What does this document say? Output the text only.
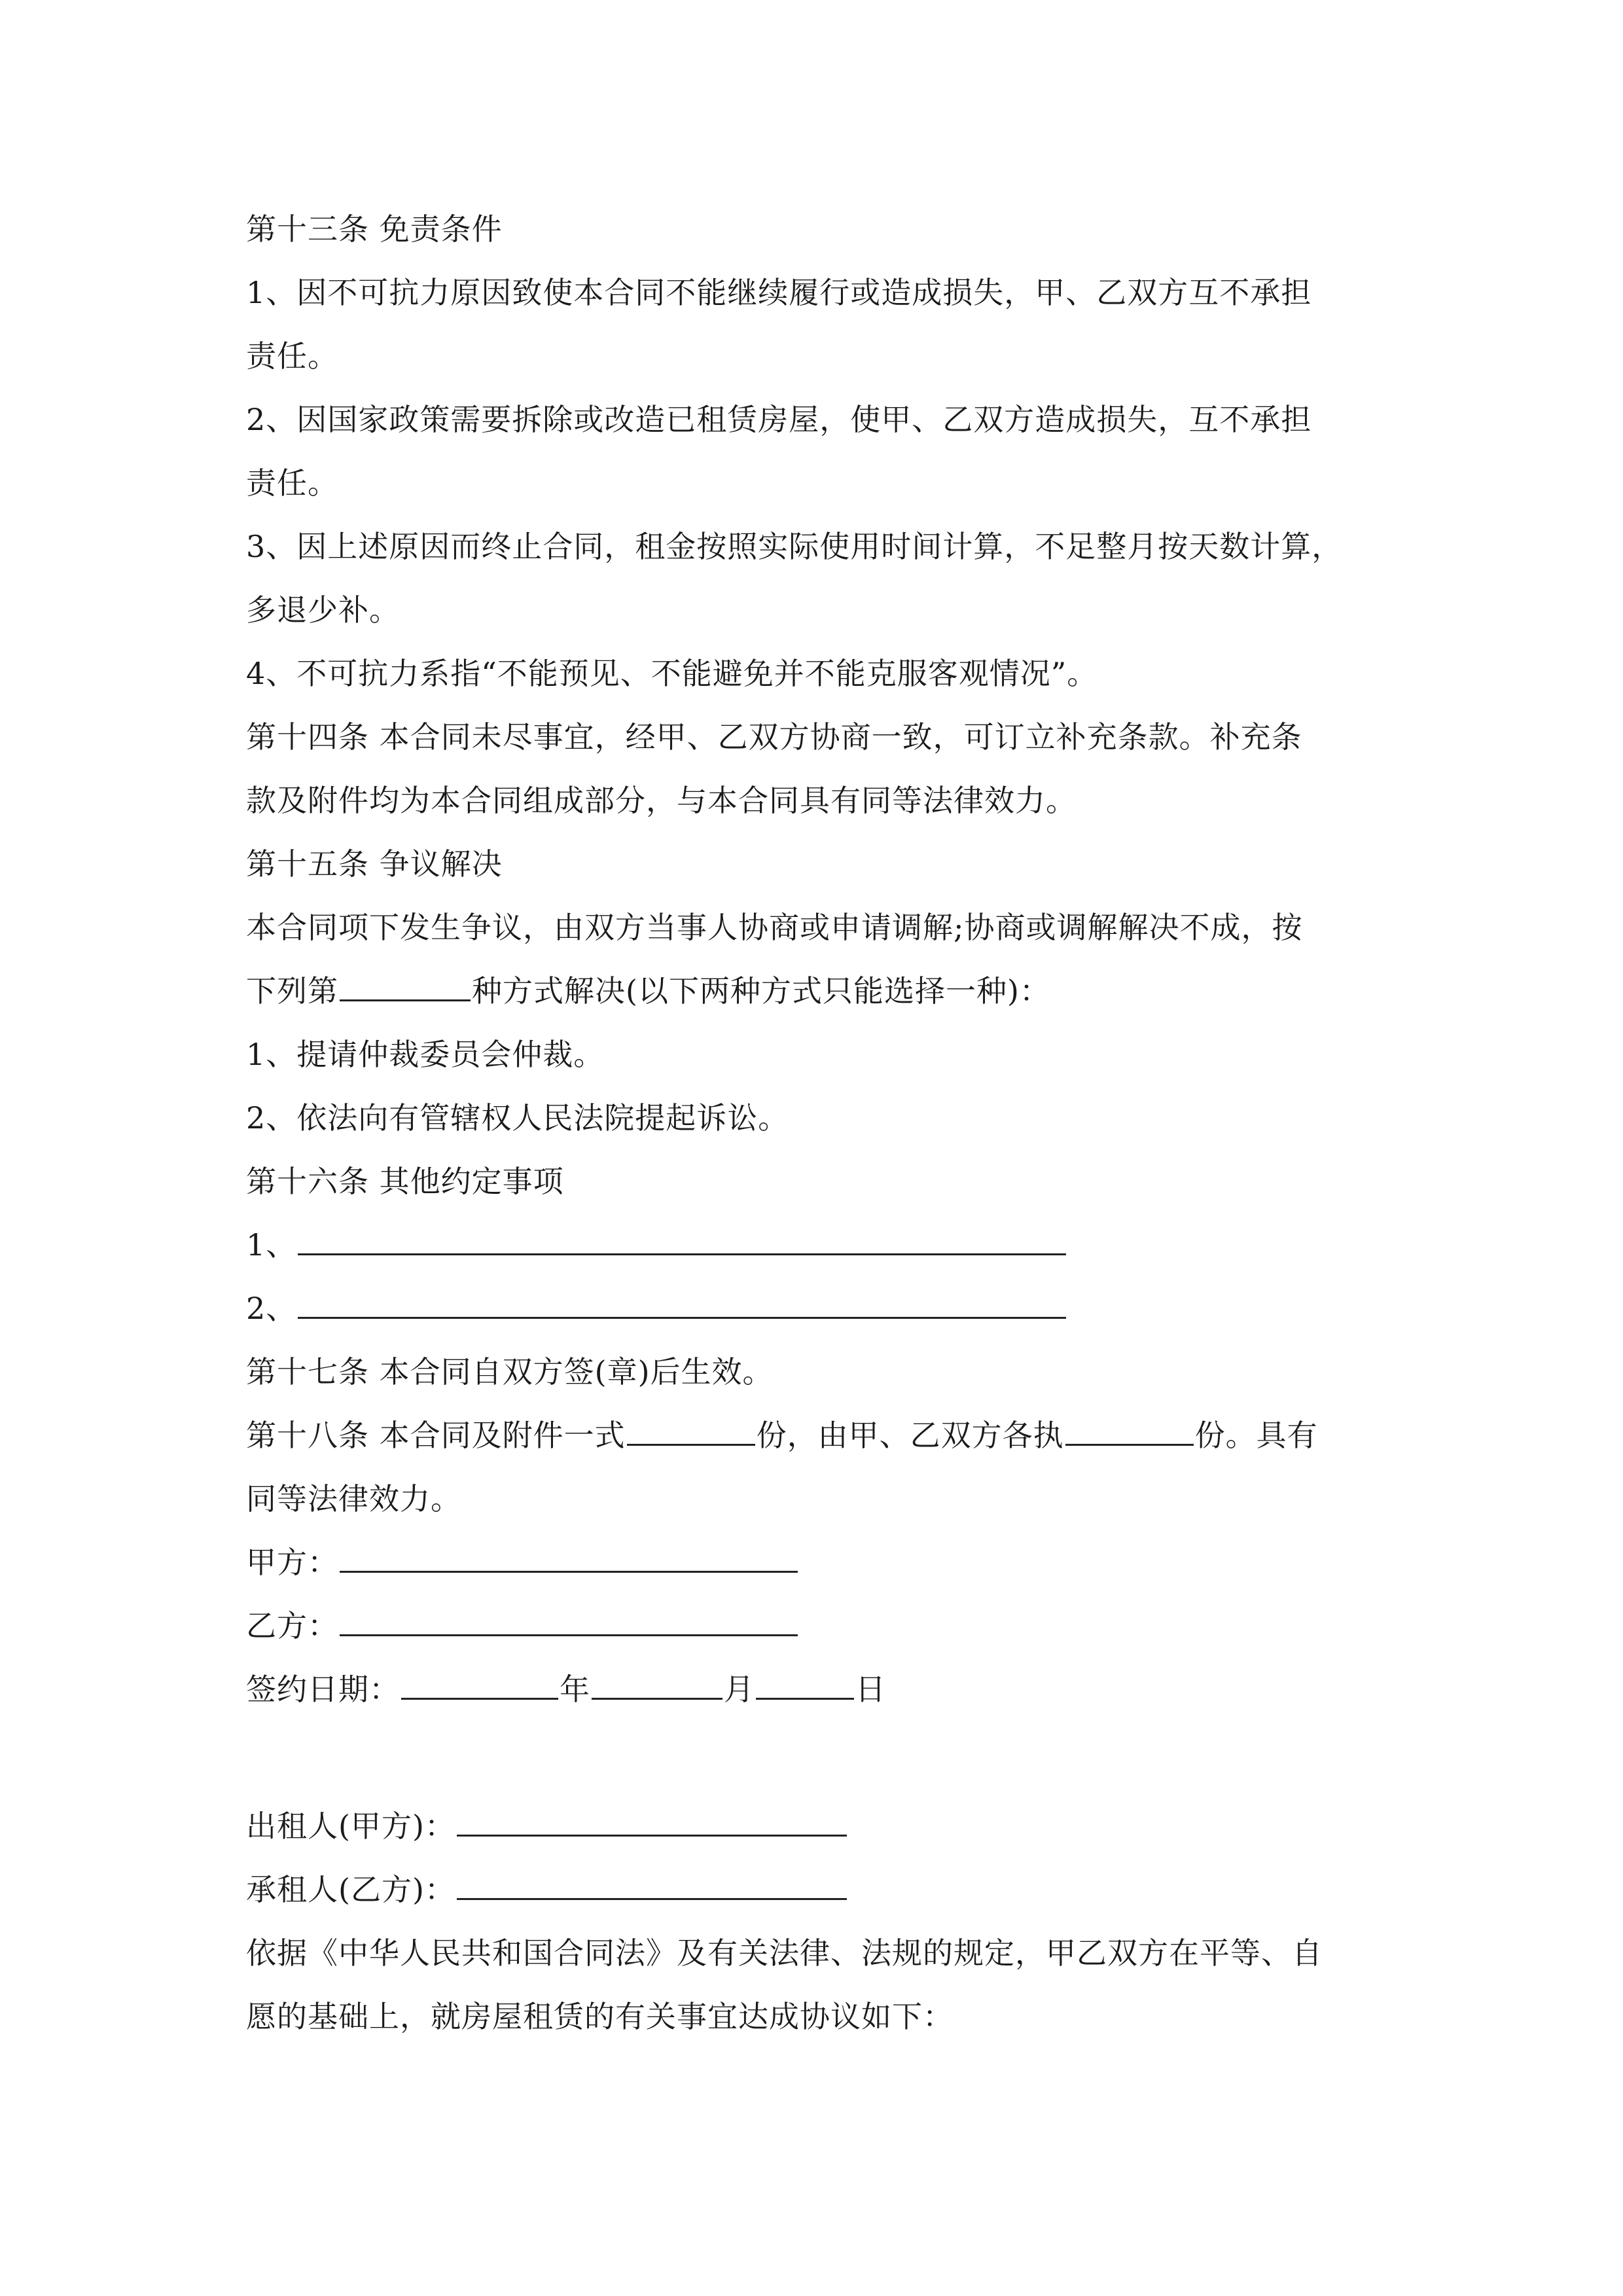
第十三条 免责条件
1、因不可抗力原因致使本合同不能继续履行或造成损失，甲、乙双方互不承担
责任。
2、因国家政策需要拆除或改造已租赁房屋，使甲、乙双方造成损失，互不承担
责任。
3、因上述原因而终止合同，租金按照实际使用时间计算，不足整月按天数计算，
多退少补。
4、不可抗力系指“不能预见、不能避免并不能克服客观情况”。
第十四条 本合同未尽事宜，经甲、乙双方协商一致，可订立补充条款。补充条
款及附件均为本合同组成部分，与本合同具有同等法律效力。
第十五条 争议解决
本合同项下发生争议，由双方当事人协商或申请调解;协商或调解解决不成，按
下列第	种方式解决(以下两种方式只能选择一种)：
1、提请仲裁委员会仲裁。
2、依法向有管辖权人民法院提起诉讼。
第十六条 其他约定事项
1、
2、
第十七条 本合同自双方签(章)后生效。
第十八条 本合同及附件一式	份，由甲、乙双方各执	份。具有
同等法律效力。
甲方：
乙方：
签约日期：	年	月	日
出租人(甲方)：
承租人(乙方)：
依据《中华人民共和国合同法》及有关法律、法规的规定，甲乙双方在平等、自
愿的基础上，就房屋租赁的有关事宜达成协议如下：
